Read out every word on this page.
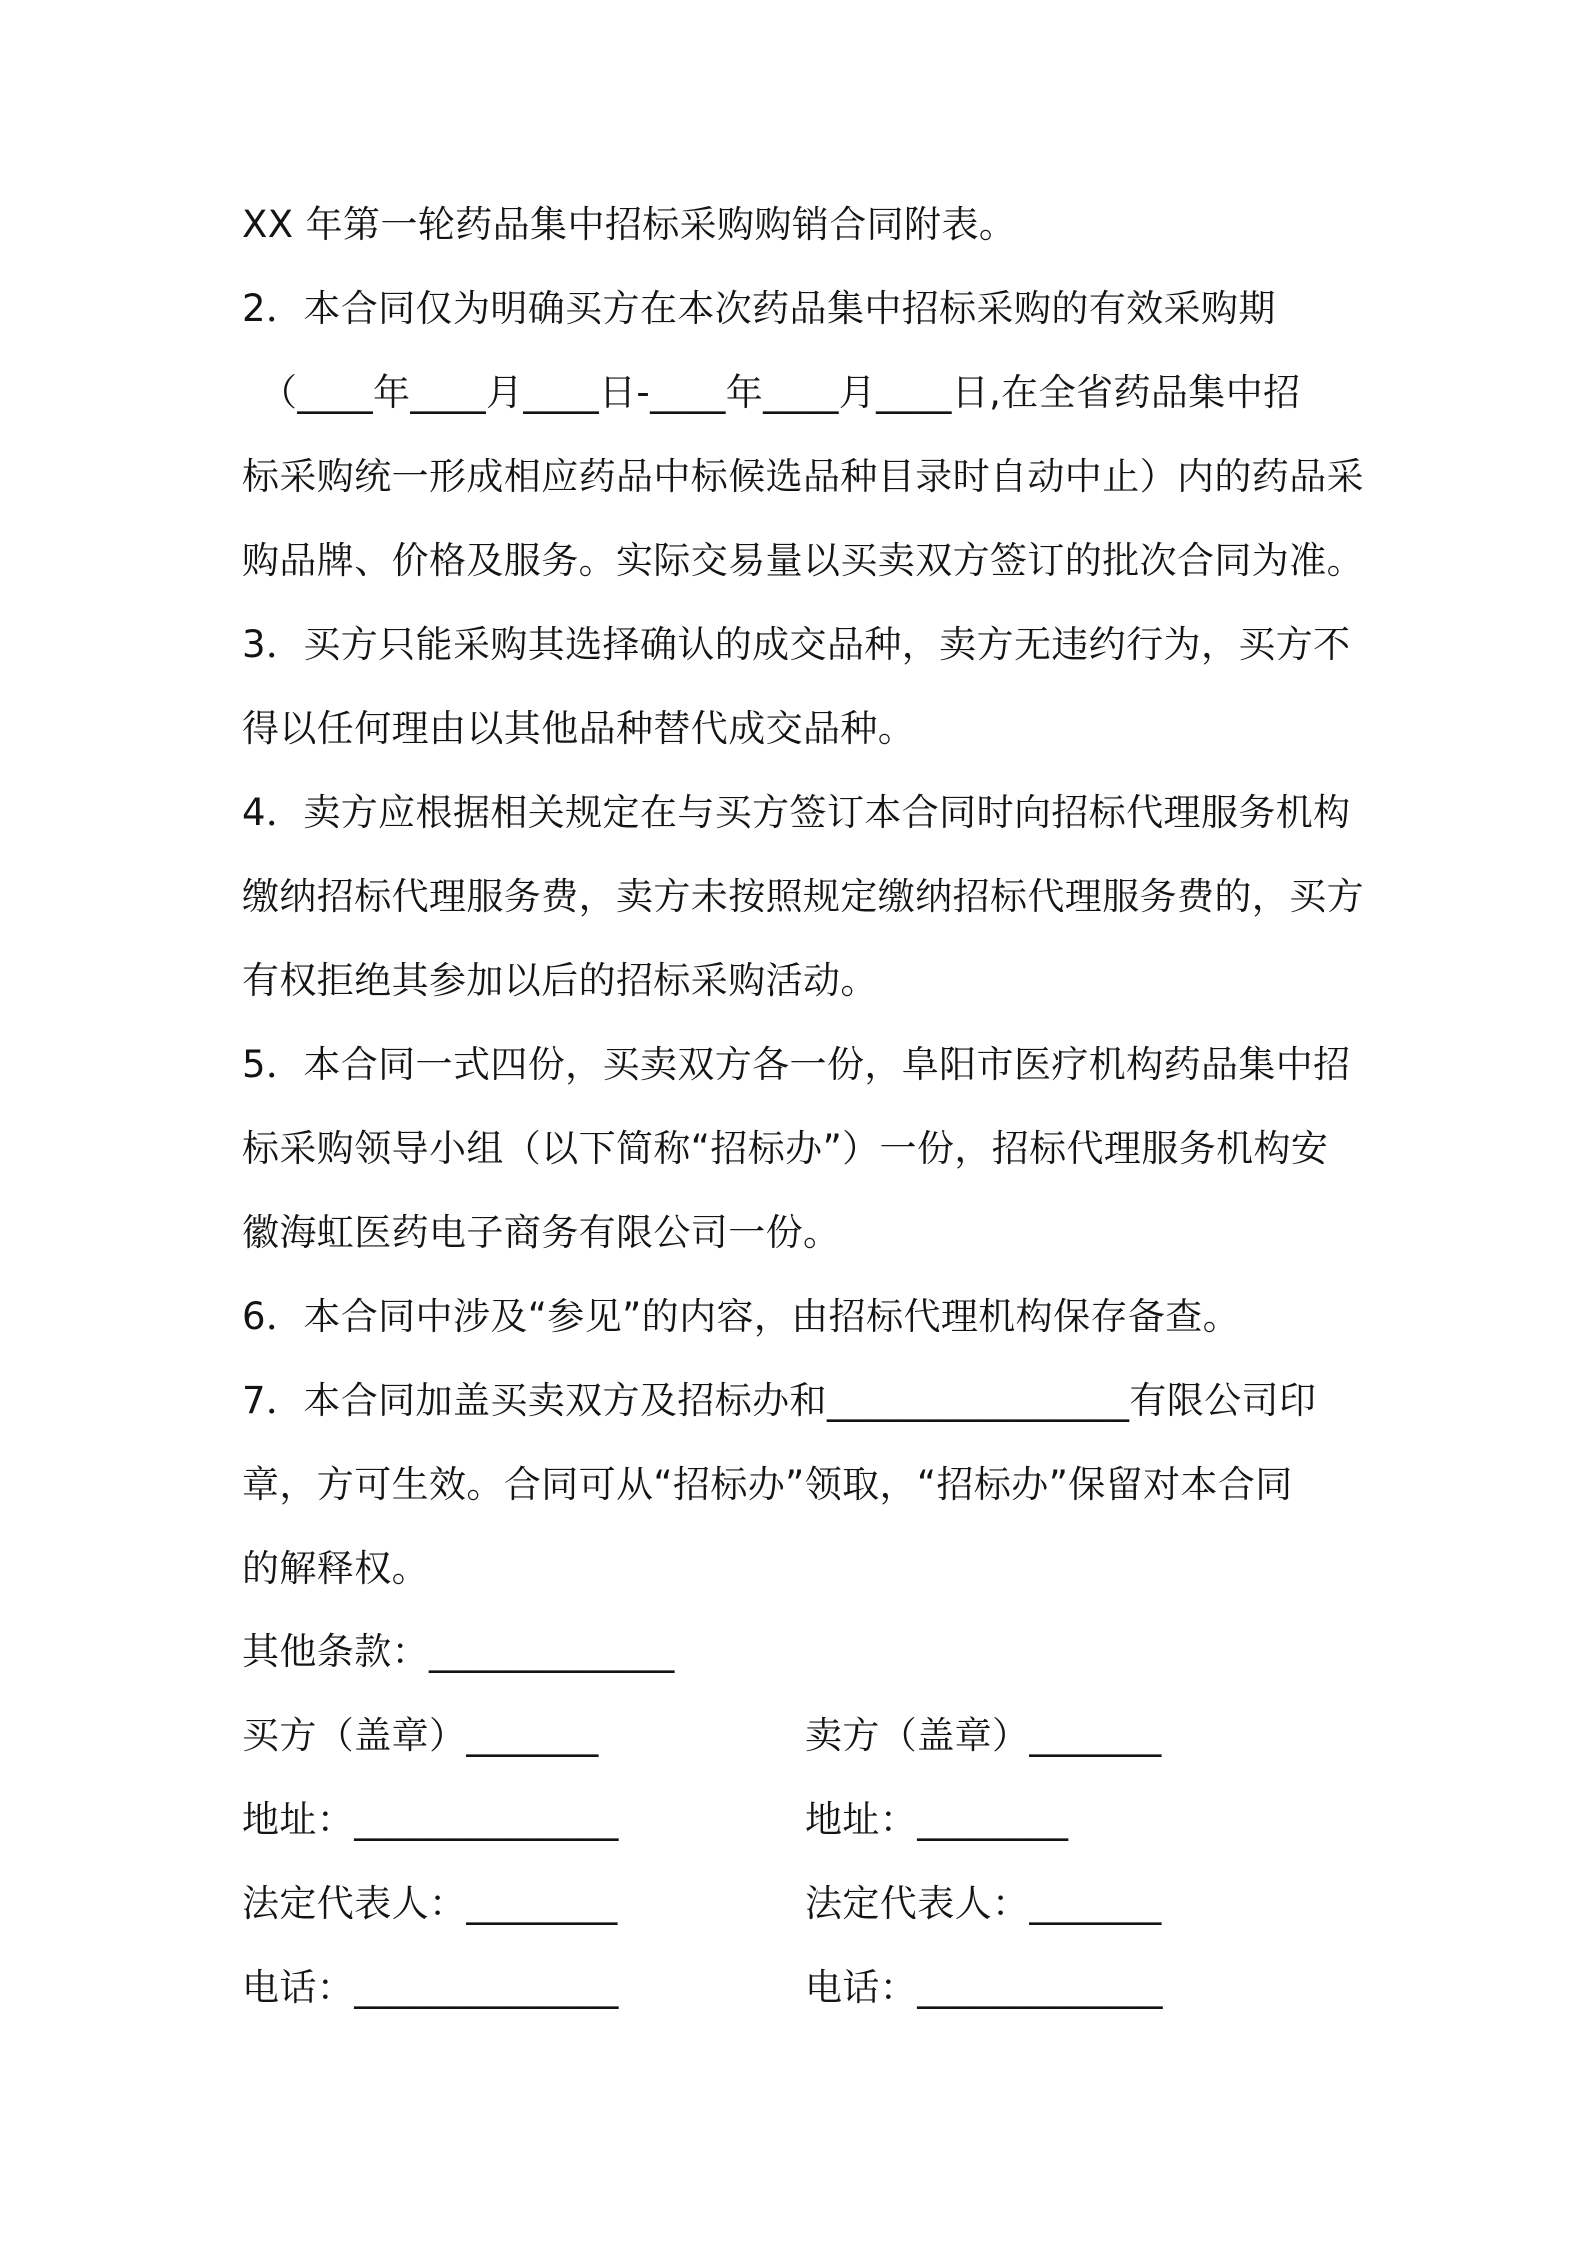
XX 年第一轮药品集中招标采购购销合同附表。
2．本合同仅为明确买方在本次药品集中招标采购的有效采购期
（____年____月____日-____年____月____日,在全省药品集中招
标采购统一形成相应药品中标候选品种目录时自动中止）内的药品采
购品牌、价格及服务。实际交易量以买卖双方签订的批次合同为准。
3．买方只能采购其选择确认的成交品种，卖方无违约行为，买方不
得以任何理由以其他品种替代成交品种。
4．卖方应根据相关规定在与买方签订本合同时向招标代理服务机构
缴纳招标代理服务费，卖方未按照规定缴纳招标代理服务费的，买方
有权拒绝其参加以后的招标采购活动。
5．本合同一式四份，买卖双方各一份，阜阳市医疗机构药品集中招
标采购领导小组（以下简称“招标办”）一份，招标代理服务机构安
徽海虹医药电子商务有限公司一份。
6．本合同中涉及“参见”的内容，由招标代理机构保存备查。
7．本合同加盖买卖双方及招标办和________________有限公司印
章，方可生效。合同可从“招标办”领取，“招标办”保留对本合同
的解释权。
其他条款：_____________
买方（盖章）_______	卖方（盖章）_______
地址：______________	地址：________
法定代表人：________	法定代表人：_______
电话：______________	电话：_____________
